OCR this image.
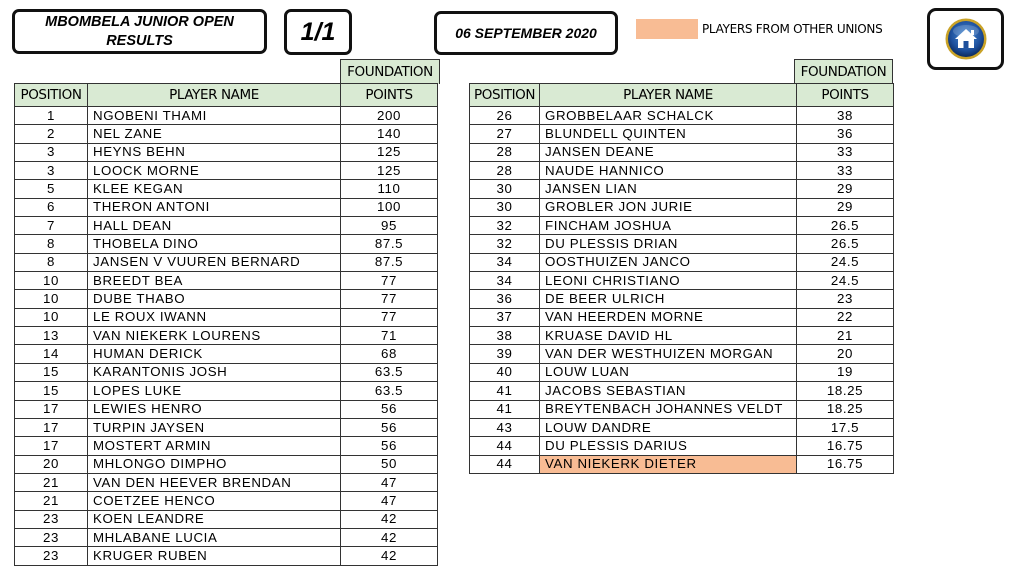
MBOMBELA JUNIOR OPEN RESULTS	1/1	06 SEPTEMBER 2020	PLAYERS FROM OTHER UNIONS
FOUNDATION
POSITION	PLAYER NAME	POINTS
1	NGOBENI THAMI	200
2	NEL ZANE	140
3	HEYNS BEHN	125
3	LOOCK MORNE	125
5	KLEE KEGAN	110
6	THERON ANTONI	100
7	HALL DEAN	95
8	THOBELA DINO	87.5
8	JANSEN V VUUREN BERNARD	87.5
10	BREEDT BEA	77
10	DUBE THABO	77
10	LE ROUX IWANN	77
13	VAN NIEKERK LOURENS	71
14	HUMAN DERICK	68
15	KARANTONIS JOSH	63.5
15	LOPES LUKE	63.5
17	LEWIES HENRO	56
17	TURPIN JAYSEN	56
17	MOSTERT ARMIN	56
20	MHLONGO DIMPHO	50
21	VAN DEN HEEVER BRENDAN	47
21	COETZEE HENCO	47
23	KOEN LEANDRE	42
23	MHLABANE LUCIA	42
23	KRUGER RUBEN	42
FOUNDATION
POSITION	PLAYER NAME	POINTS
26	GROBBELAAR SCHALCK	38
27	BLUNDELL QUINTEN	36
28	JANSEN DEANE	33
28	NAUDE HANNICO	33
30	JANSEN LIAN	29
30	GROBLER JON JURIE	29
32	FINCHAM JOSHUA	26.5
32	DU PLESSIS DRIAN	26.5
34	OOSTHUIZEN JANCO	24.5
34	LEONI CHRISTIANO	24.5
36	DE BEER ULRICH	23
37	VAN HEERDEN MORNE	22
38	KRUASE DAVID HL	21
39	VAN DER WESTHUIZEN MORGAN	20
40	LOUW LUAN	19
41	JACOBS SEBASTIAN	18.25
41	BREYTENBACH JOHANNES VELDT	18.25
43	LOUW DANDRE	17.5
44	DU PLESSIS DARIUS	16.75
44	VAN NIEKERK DIETER	16.75
